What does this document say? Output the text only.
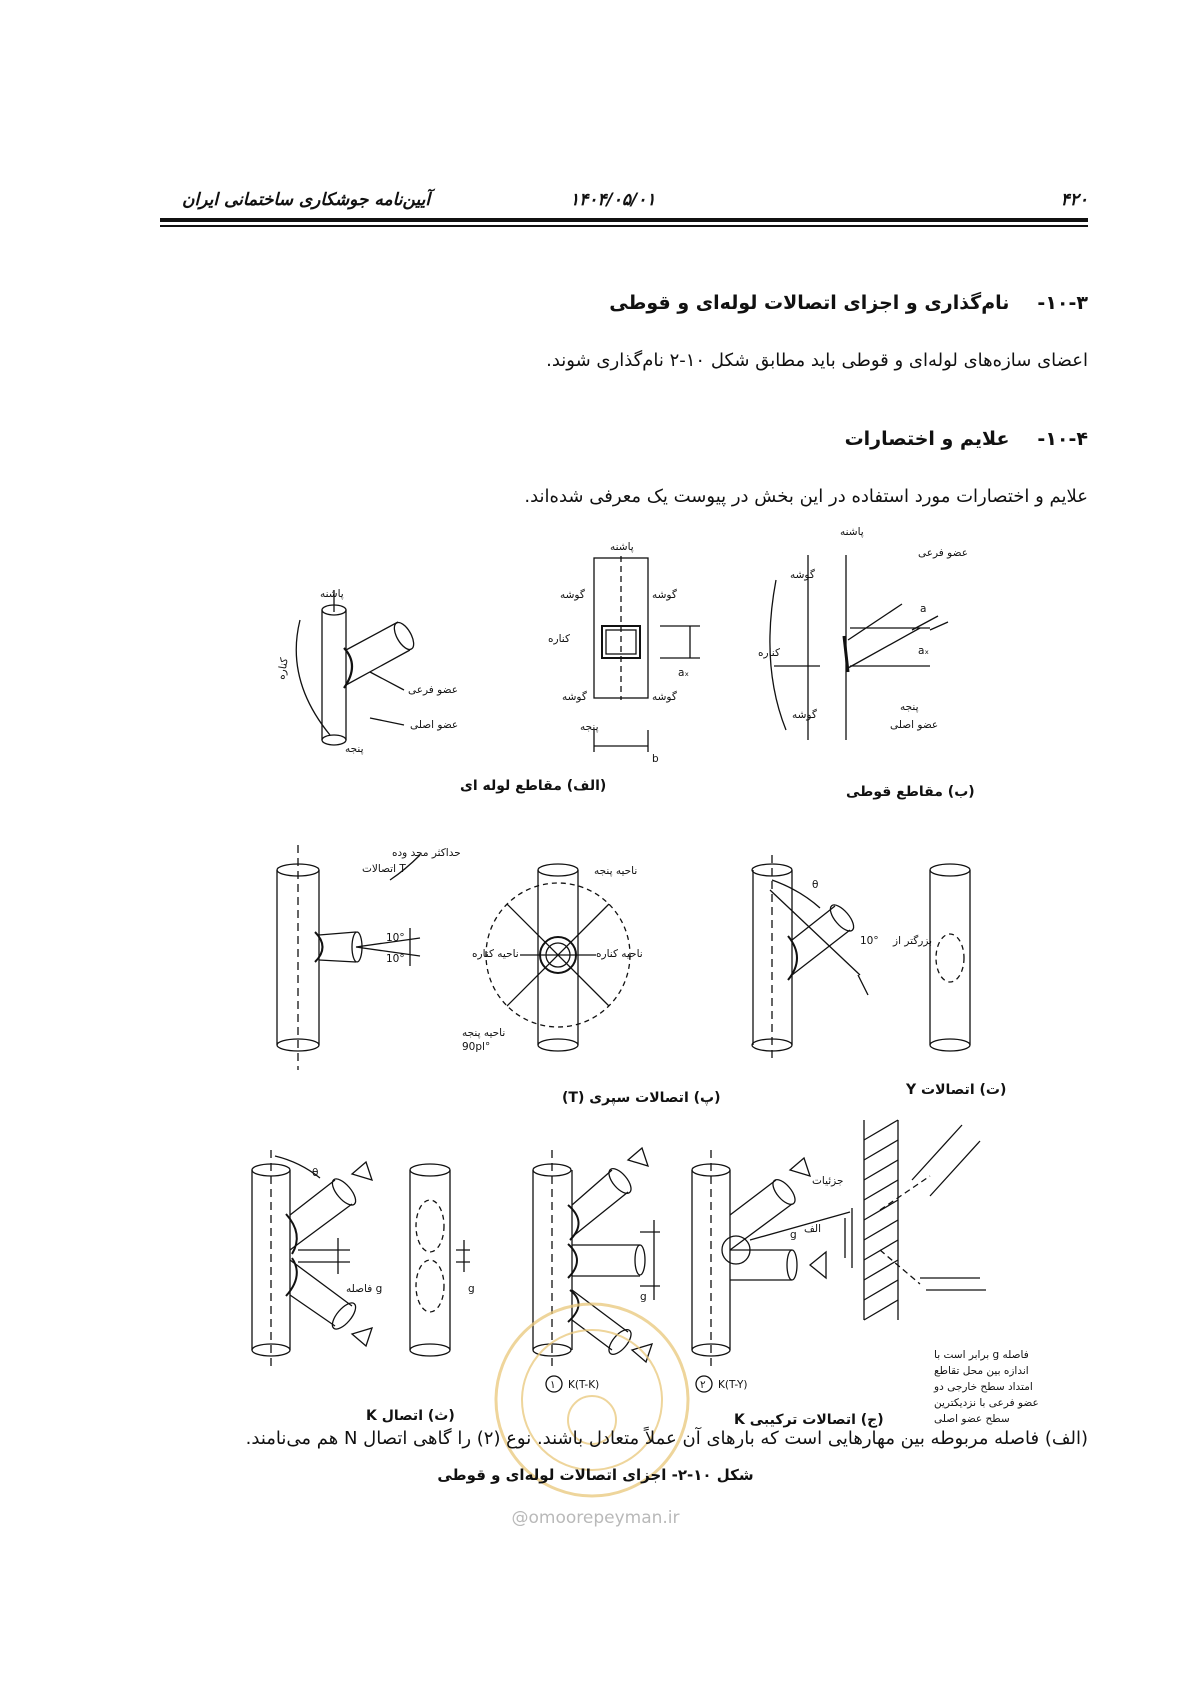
۴۲۰
۱۴۰۴/۰۵/۰۱
آیین‌نامه جوشکاری ساختمانی ایران
۱۰-۳-نام‌گذاری و اجزای اتصالات لوله‌ای و قوطی
اعضای سازه‌های لوله‌ای و قوطی باید مطابق شکل ۱۰-۲ نام‌گذاری شوند.
۱۰-۴-علایم و اختصارات
علایم و اختصارات مورد استفاده در این بخش در پیوست یک معرفی شده‌اند.
پاشنه
کناره
عضو فرعی
عضو اصلی
پنجه
پاشنه
گوشه	گوشه
کناره
گوشه	گوشه
پنجه
aₓ
b
پاشنه
عضو فرعی
گوشه
a
کناره	aₓ
پنجه
گوشه
عضو اصلی
(الف) مقاطع لوله ای	(ب) مقاطع قوطی
حداکثر محد وده
اتصالات T
10°
10°
ناحیه پنجه
ناحیه کناره	ناحیه کناره
ناحیه پنجه
90pl°
θ
10° بزرگتر از
(پ) اتصالات سپری (T)	(ت) اتصالات Y
θ
فاصله g	g
g
جزئیات
الف
g
فاصله g برابر است با
اندازه بین محل تقاطع
امتداد سطح خارجی دو
عضو فرعی با نزدیکترین
سطح عضو اصلی
۱	۲
K(T-K)	K(T-Y)
(ث) اتصال K	(ج) اتصالات ترکیبی K
(الف) فاصله مربوطه بین مهارهایی است که بارهای آن عملاً متعادل باشند. نوع (۲) را گاهی اتصال N هم می‌نامند.
شکل ۱۰-۲- اجزای اتصالات لوله‌ای و قوطی
@omoorepeyman.ir
